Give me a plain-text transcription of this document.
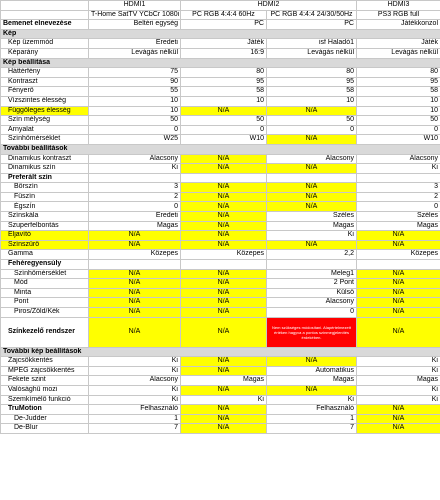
	HDMI1	HDMI2		HDMI3
	T-Home SatTV YCbCr 1080i	PC RGB 4:4:4 60Hz	PC RGB 4:4:4 24/30/50Hz	PS3 RGB full
Bemenet elnevezése	Beltéri egység	PC	PC	Játékkonzol
Kép				
Kép üzemmód	Eredeti	Játék	isf Haladó1	Játék
Képarány	Levágás nélkül	16:9	Levágás nélkül	Levágás nélkül
Kép beállítása				
Háttérfény	75	80	80	80
Kontraszt	90	95	95	95
Fényerő	55	58	58	58
Vízszintes élesség	10	10	10	10
Függőleges élesség	10	N/A	N/A	10
Szín mélység	50	50	50	50
Árnyalat	0	0	0	0
Színhőmérséklet	W25	W10	N/A	W10
További beállítások				
Dinamikus kontraszt	Alacsony	N/A	Alacsony	Alacsony
Dinamikus szín	Ki	N/A	N/A	Ki
Preferált szín				
Bőrszín	3	N/A	N/A	3
Fűszín	2	N/A	N/A	2
Égszín	0	N/A	N/A	0
Színskála	Eredeti	N/A	Széles	Széles
Szuperfelbontás	Magas	N/A	Magas	Magas
Éljavító	N/A	N/A	Ki	N/A
Színszűrő	N/A	N/A	N/A	N/A
Gamma	Közepes	Közepes	2,2	Közepes
Fehéregyensúly				
Színhőmérséklet	N/A	N/A	Meleg1	N/A
Mód	N/A	N/A	2 Pont	N/A
Minta	N/A	N/A	Külső	N/A
Pont	N/A	N/A	Alacsony	N/A
Piros/Zöld/Kék	N/A	N/A	0	N/A
Színkezelő rendszer	N/A	N/A	Nem szükséges módosítani. Alapértelmezett értéken hagyva a pontos színmegjelenítés érdekében.	N/A
További kép beállítások				
Zajcsökkentés	Ki	N/A	N/A	Ki
MPEG zajcsökkentés	Ki	N/A	Automatikus	Ki
Fekete szint	Alacsony	Magas	Magas	Magas
Valósághű mozi	Ki	N/A	N/A	Ki
Szemkímélő funkció	Ki	Ki	Ki	Ki
TruMotion	Felhasználó	N/A	Felhasználó	N/A
De-Judder	1	N/A	1	N/A
De-Blur	7	N/A	7	N/A
